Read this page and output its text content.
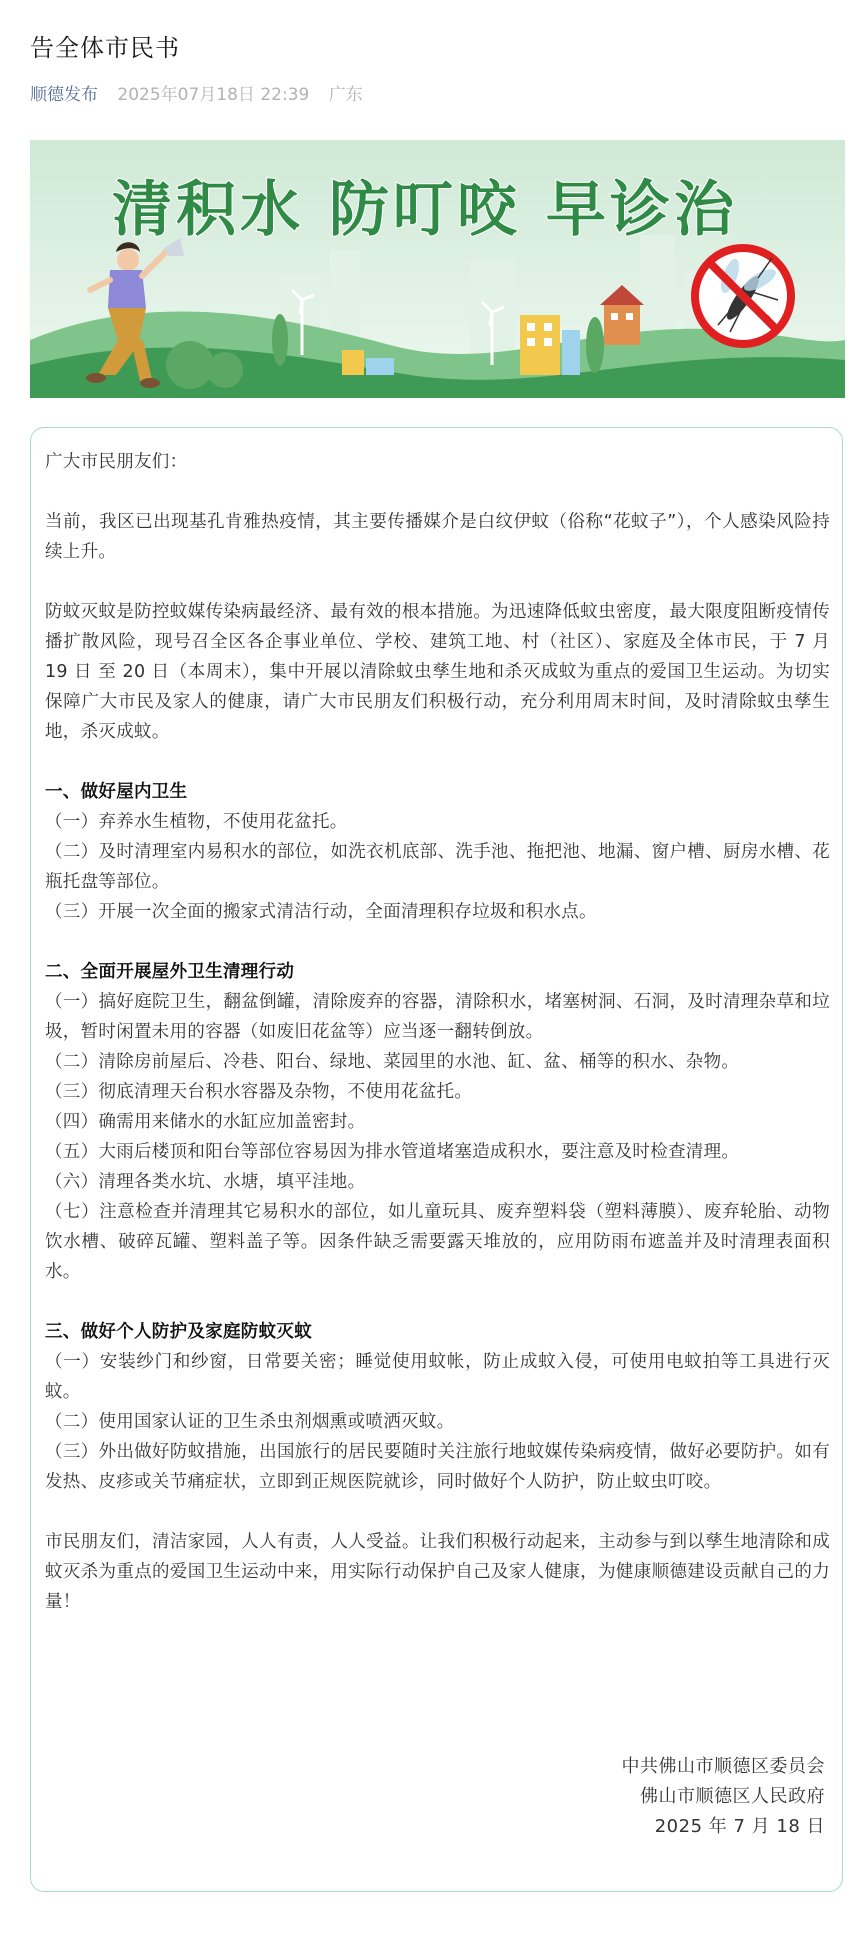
告全体市民书
顺德发布 2025年07月18日 22:39 广东
清积水 防叮咬 早诊治

广大市民朋友们：

当前，我区已出现基孔肯雅热疫情，其主要传播媒介是白纹伊蚊（俗称“花蚊子”），个人感染风险持续上升。

防蚊灭蚊是防控蚊媒传染病最经济、最有效的根本措施。为迅速降低蚊虫密度，最大限度阻断疫情传播扩散风险，现号召全区各企事业单位、学校、建筑工地、村（社区）、家庭及全体市民，于 7 月 19 日 至 20 日（本周末），集中开展以清除蚊虫孳生地和杀灭成蚊为重点的爱国卫生运动。为切实保障广大市民及家人的健康，请广大市民朋友们积极行动，充分利用周末时间，及时清除蚊虫孳生地，杀灭成蚊。

一、做好屋内卫生

（一）弃养水生植物，不使用花盆托。

（二）及时清理室内易积水的部位，如洗衣机底部、洗手池、拖把池、地漏、窗户槽、厨房水槽、花瓶托盘等部位。

（三）开展一次全面的搬家式清洁行动，全面清理积存垃圾和积水点。

二、全面开展屋外卫生清理行动

（一）搞好庭院卫生，翻盆倒罐，清除废弃的容器，清除积水，堵塞树洞、石洞，及时清理杂草和垃圾，暂时闲置未用的容器（如废旧花盆等）应当逐一翻转倒放。

（二）清除房前屋后、冷巷、阳台、绿地、菜园里的水池、缸、盆、桶等的积水、杂物。

（三）彻底清理天台积水容器及杂物，不使用花盆托。

（四）确需用来储水的水缸应加盖密封。

（五）大雨后楼顶和阳台等部位容易因为排水管道堵塞造成积水，要注意及时检查清理。

（六）清理各类水坑、水塘，填平洼地。

（七）注意检查并清理其它易积水的部位，如儿童玩具、废弃塑料袋（塑料薄膜）、废弃轮胎、动物饮水槽、破碎瓦罐、塑料盖子等。因条件缺乏需要露天堆放的，应用防雨布遮盖并及时清理表面积水。

三、做好个人防护及家庭防蚊灭蚊

（一）安装纱门和纱窗，日常要关密；睡觉使用蚊帐，防止成蚊入侵，可使用电蚊拍等工具进行灭蚊。

（二）使用国家认证的卫生杀虫剂烟熏或喷洒灭蚊。

（三）外出做好防蚊措施，出国旅行的居民要随时关注旅行地蚊媒传染病疫情，做好必要防护。如有发热、皮疹或关节痛症状，立即到正规医院就诊，同时做好个人防护，防止蚊虫叮咬。

市民朋友们，清洁家园，人人有责，人人受益。让我们积极行动起来，主动参与到以孳生地清除和成蚊灭杀为重点的爱国卫生运动中来，用实际行动保护自己及家人健康，为健康顺德建设贡献自己的力量！

中共佛山市顺德区委员会

佛山市顺德区人民政府

2025 年 7 月 18 日
